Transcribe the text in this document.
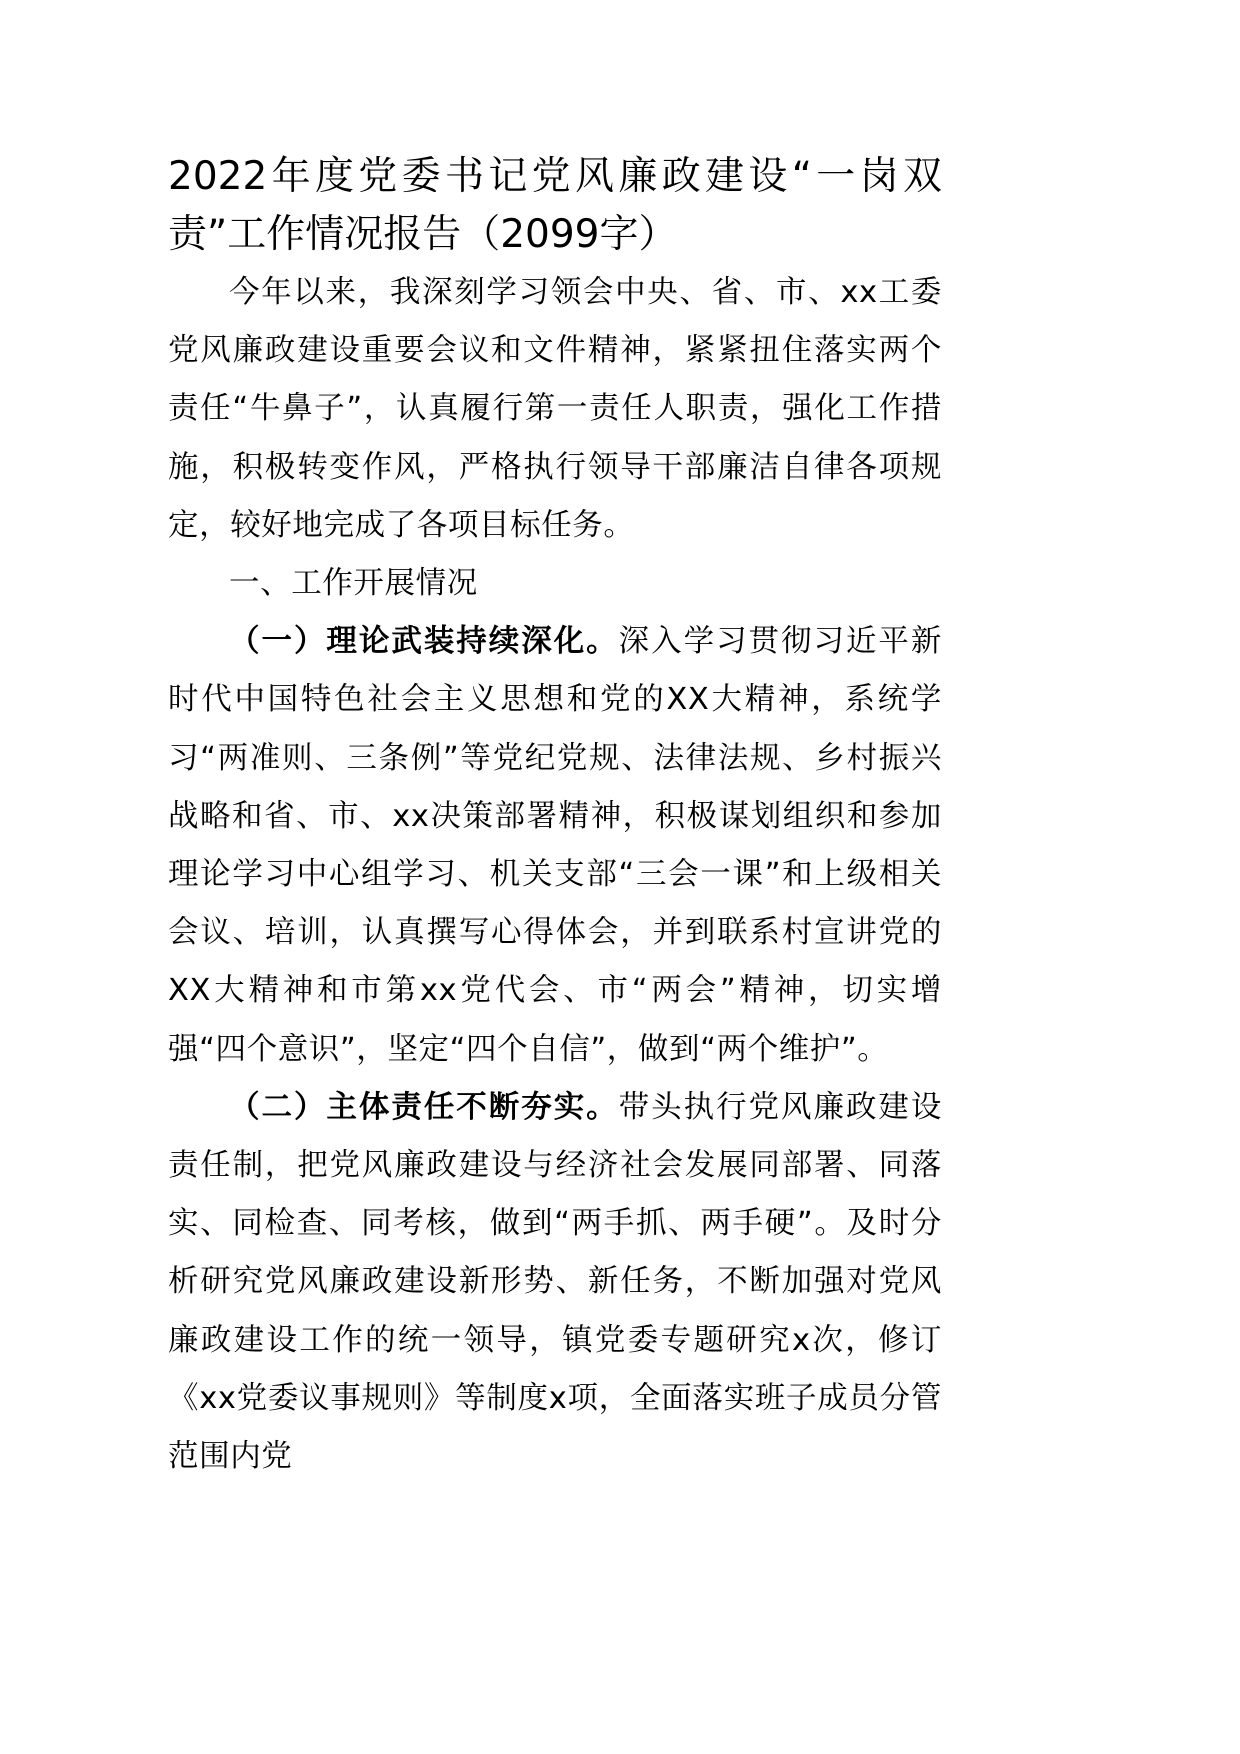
2022年度党委书记党风廉政建设“一岗双责”工作情况报告（2099字）

今年以来，我深刻学习领会中央、省、市、xx工委党风廉政建设重要会议和文件精神，紧紧扭住落实两个责任“牛鼻子”，认真履行第一责任人职责，强化工作措施，积极转变作风，严格执行领导干部廉洁自律各项规定，较好地完成了各项目标任务。

一、工作开展情况

（一）理论武装持续深化。深入学习贯彻习近平新时代中国特色社会主义思想和党的XX大精神，系统学习“两准则、三条例”等党纪党规、法律法规、乡村振兴战略和省、市、xx决策部署精神，积极谋划组织和参加理论学习中心组学习、机关支部“三会一课”和上级相关会议、培训，认真撰写心得体会，并到联系村宣讲党的XX大精神和市第xx党代会、市“两会”精神，切实增强“四个意识”，坚定“四个自信”，做到“两个维护”。

（二）主体责任不断夯实。带头执行党风廉政建设责任制，把党风廉政建设与经济社会发展同部署、同落实、同检查、同考核，做到“两手抓、两手硬”。及时分析研究党风廉政建设新形势、新任务，不断加强对党风廉政建设工作的统一领导，镇党委专题研究x次，修订《xx党委议事规则》等制度x项，全面落实班子成员分管范围内党
